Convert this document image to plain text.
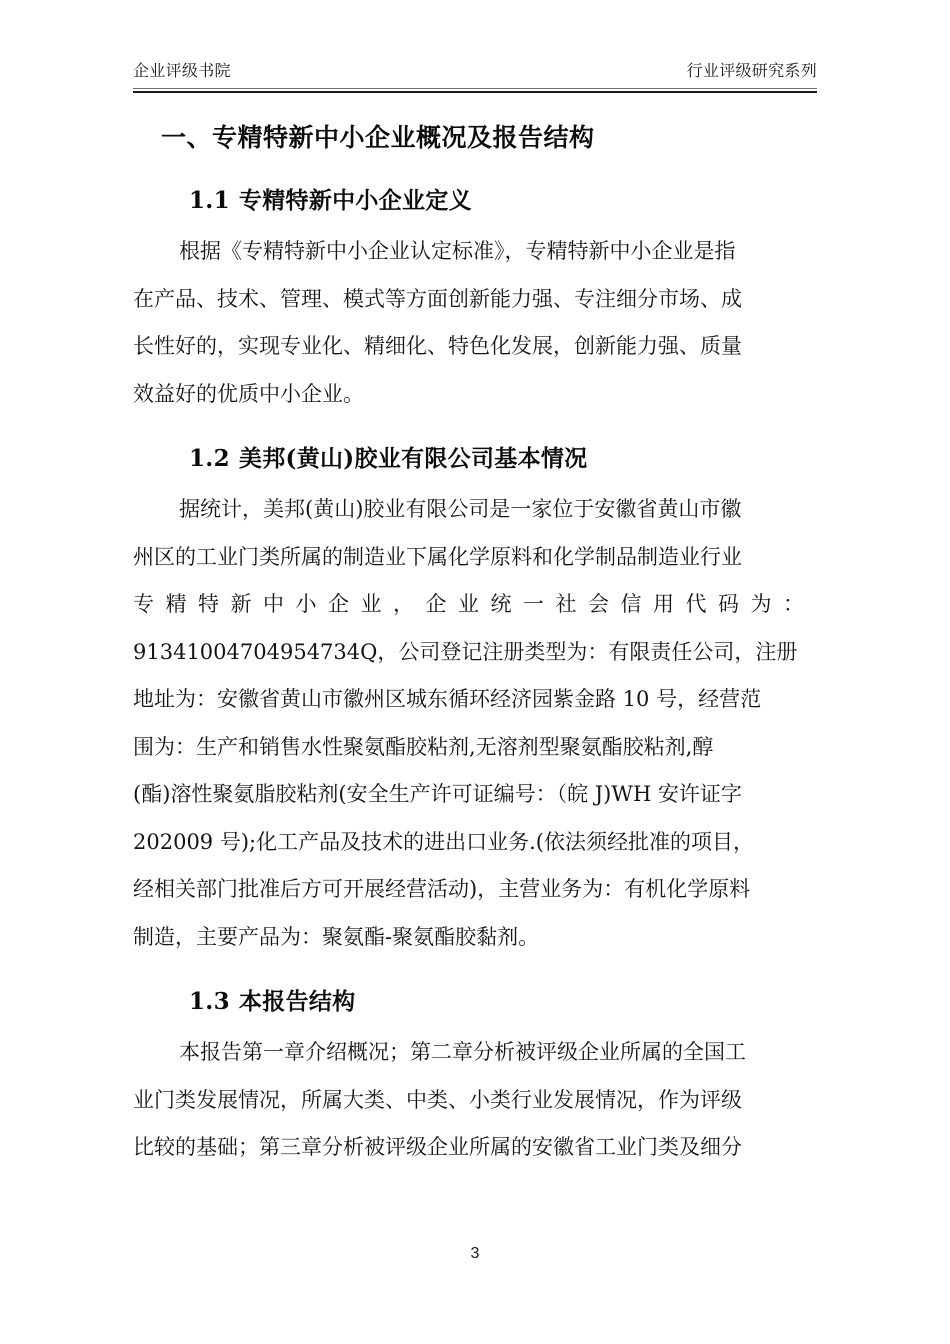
企业评级书院	行业评级研究系列
一、专精特新中小企业概况及报告结构
1.1 专精特新中小企业定义

根据《专精特新中小企业认定标准》，专精特新中小企业是指
在产品、技术、管理、模式等方面创新能力强、专注细分市场、成
长性好的，实现专业化、精细化、特色化发展，创新能力强、质量
效益好的优质中小企业。

1.2 美邦(黄山)胶业有限公司基本情况

据统计，美邦(黄山)胶业有限公司是一家位于安徽省黄山市徽
州区的工业门类所属的制造业下属化学原料和化学制品制造业行业
专精特新中小企业，企业统一社会信用代码为：
91341004704954734Q，公司登记注册类型为：有限责任公司，注册
地址为：安徽省黄山市徽州区城东循环经济园紫金路 10 号，经营范
围为：生产和销售水性聚氨酯胶粘剂,无溶剂型聚氨酯胶粘剂,醇
(酯)溶性聚氨脂胶粘剂(安全生产许可证编号：（皖 J)WH 安许证字
202009 号);化工产品及技术的进出口业务.(依法须经批准的项目，
经相关部门批准后方可开展经营活动)，主营业务为：有机化学原料
制造，主要产品为：聚氨酯-聚氨酯胶黏剂。

1.3 本报告结构

本报告第一章介绍概况；第二章分析被评级企业所属的全国工
业门类发展情况，所属大类、中类、小类行业发展情况，作为评级
比较的基础；第三章分析被评级企业所属的安徽省工业门类及细分

3
